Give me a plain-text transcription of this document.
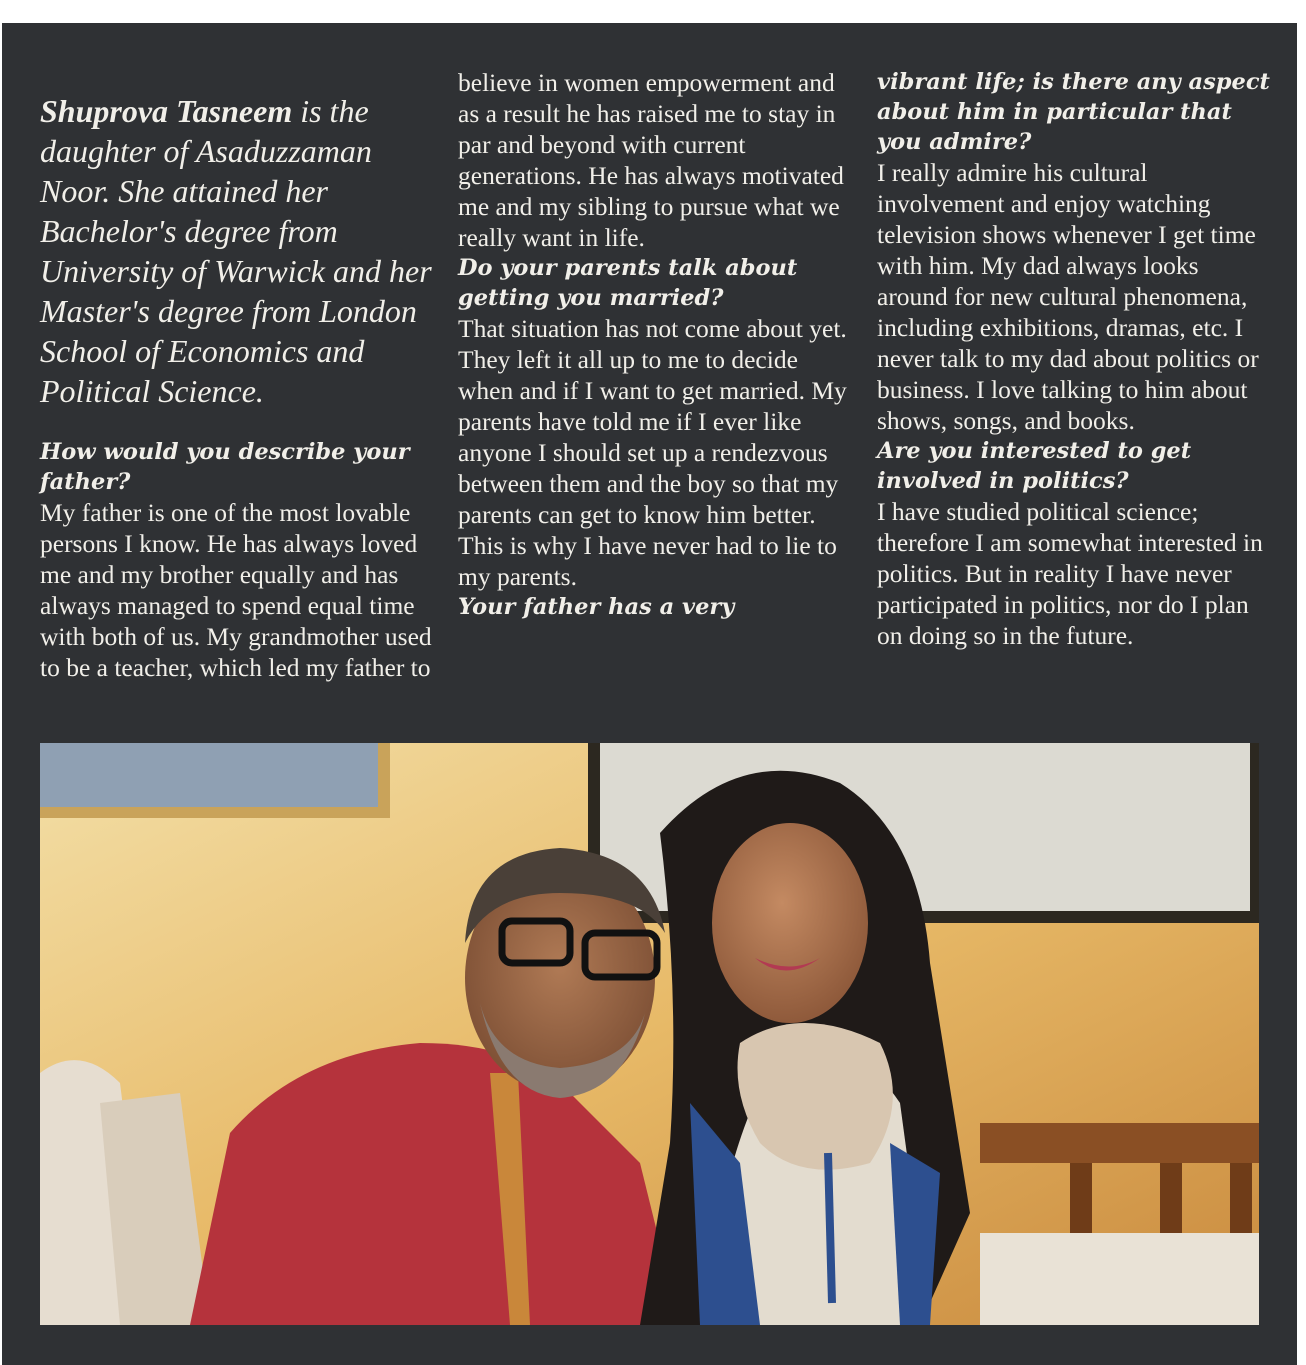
Shuprova Tasneem is the daughter of Asaduzzaman Noor. She attained her Bachelor's degree from University of Warwick and her Master's degree from London School of Economics and Political Science.

How would you describe your father?

My father is one of the most lovable persons I know. He has always loved me and my brother equally and has always managed to spend equal time with both of us. My grandmother used to be a teacher, which led my father to

believe in women empowerment and as a result he has raised me to stay in par and beyond with current generations. He has always motivated me and my sibling to pursue what we really want in life.

Do your parents talk about getting you married?

That situation has not come about yet. They left it all up to me to decide when and if I want to get married. My parents have told me if I ever like anyone I should set up a rendezvous between them and the boy so that my parents can get to know him better. This is why I have never had to lie to my parents.

Your father has a very

vibrant life; is there any aspect about him in particular that you admire?

I really admire his cultural involvement and enjoy watching television shows whenever I get time with him. My dad always looks around for new cultural phenomena, including exhibitions, dramas, etc. I never talk to my dad about politics or business. I love talking to him about shows, songs, and books.

Are you interested to get involved in politics?

I have studied political science; therefore I am somewhat interested in politics. But in reality I have never participated in politics, nor do I plan on doing so in the future.
